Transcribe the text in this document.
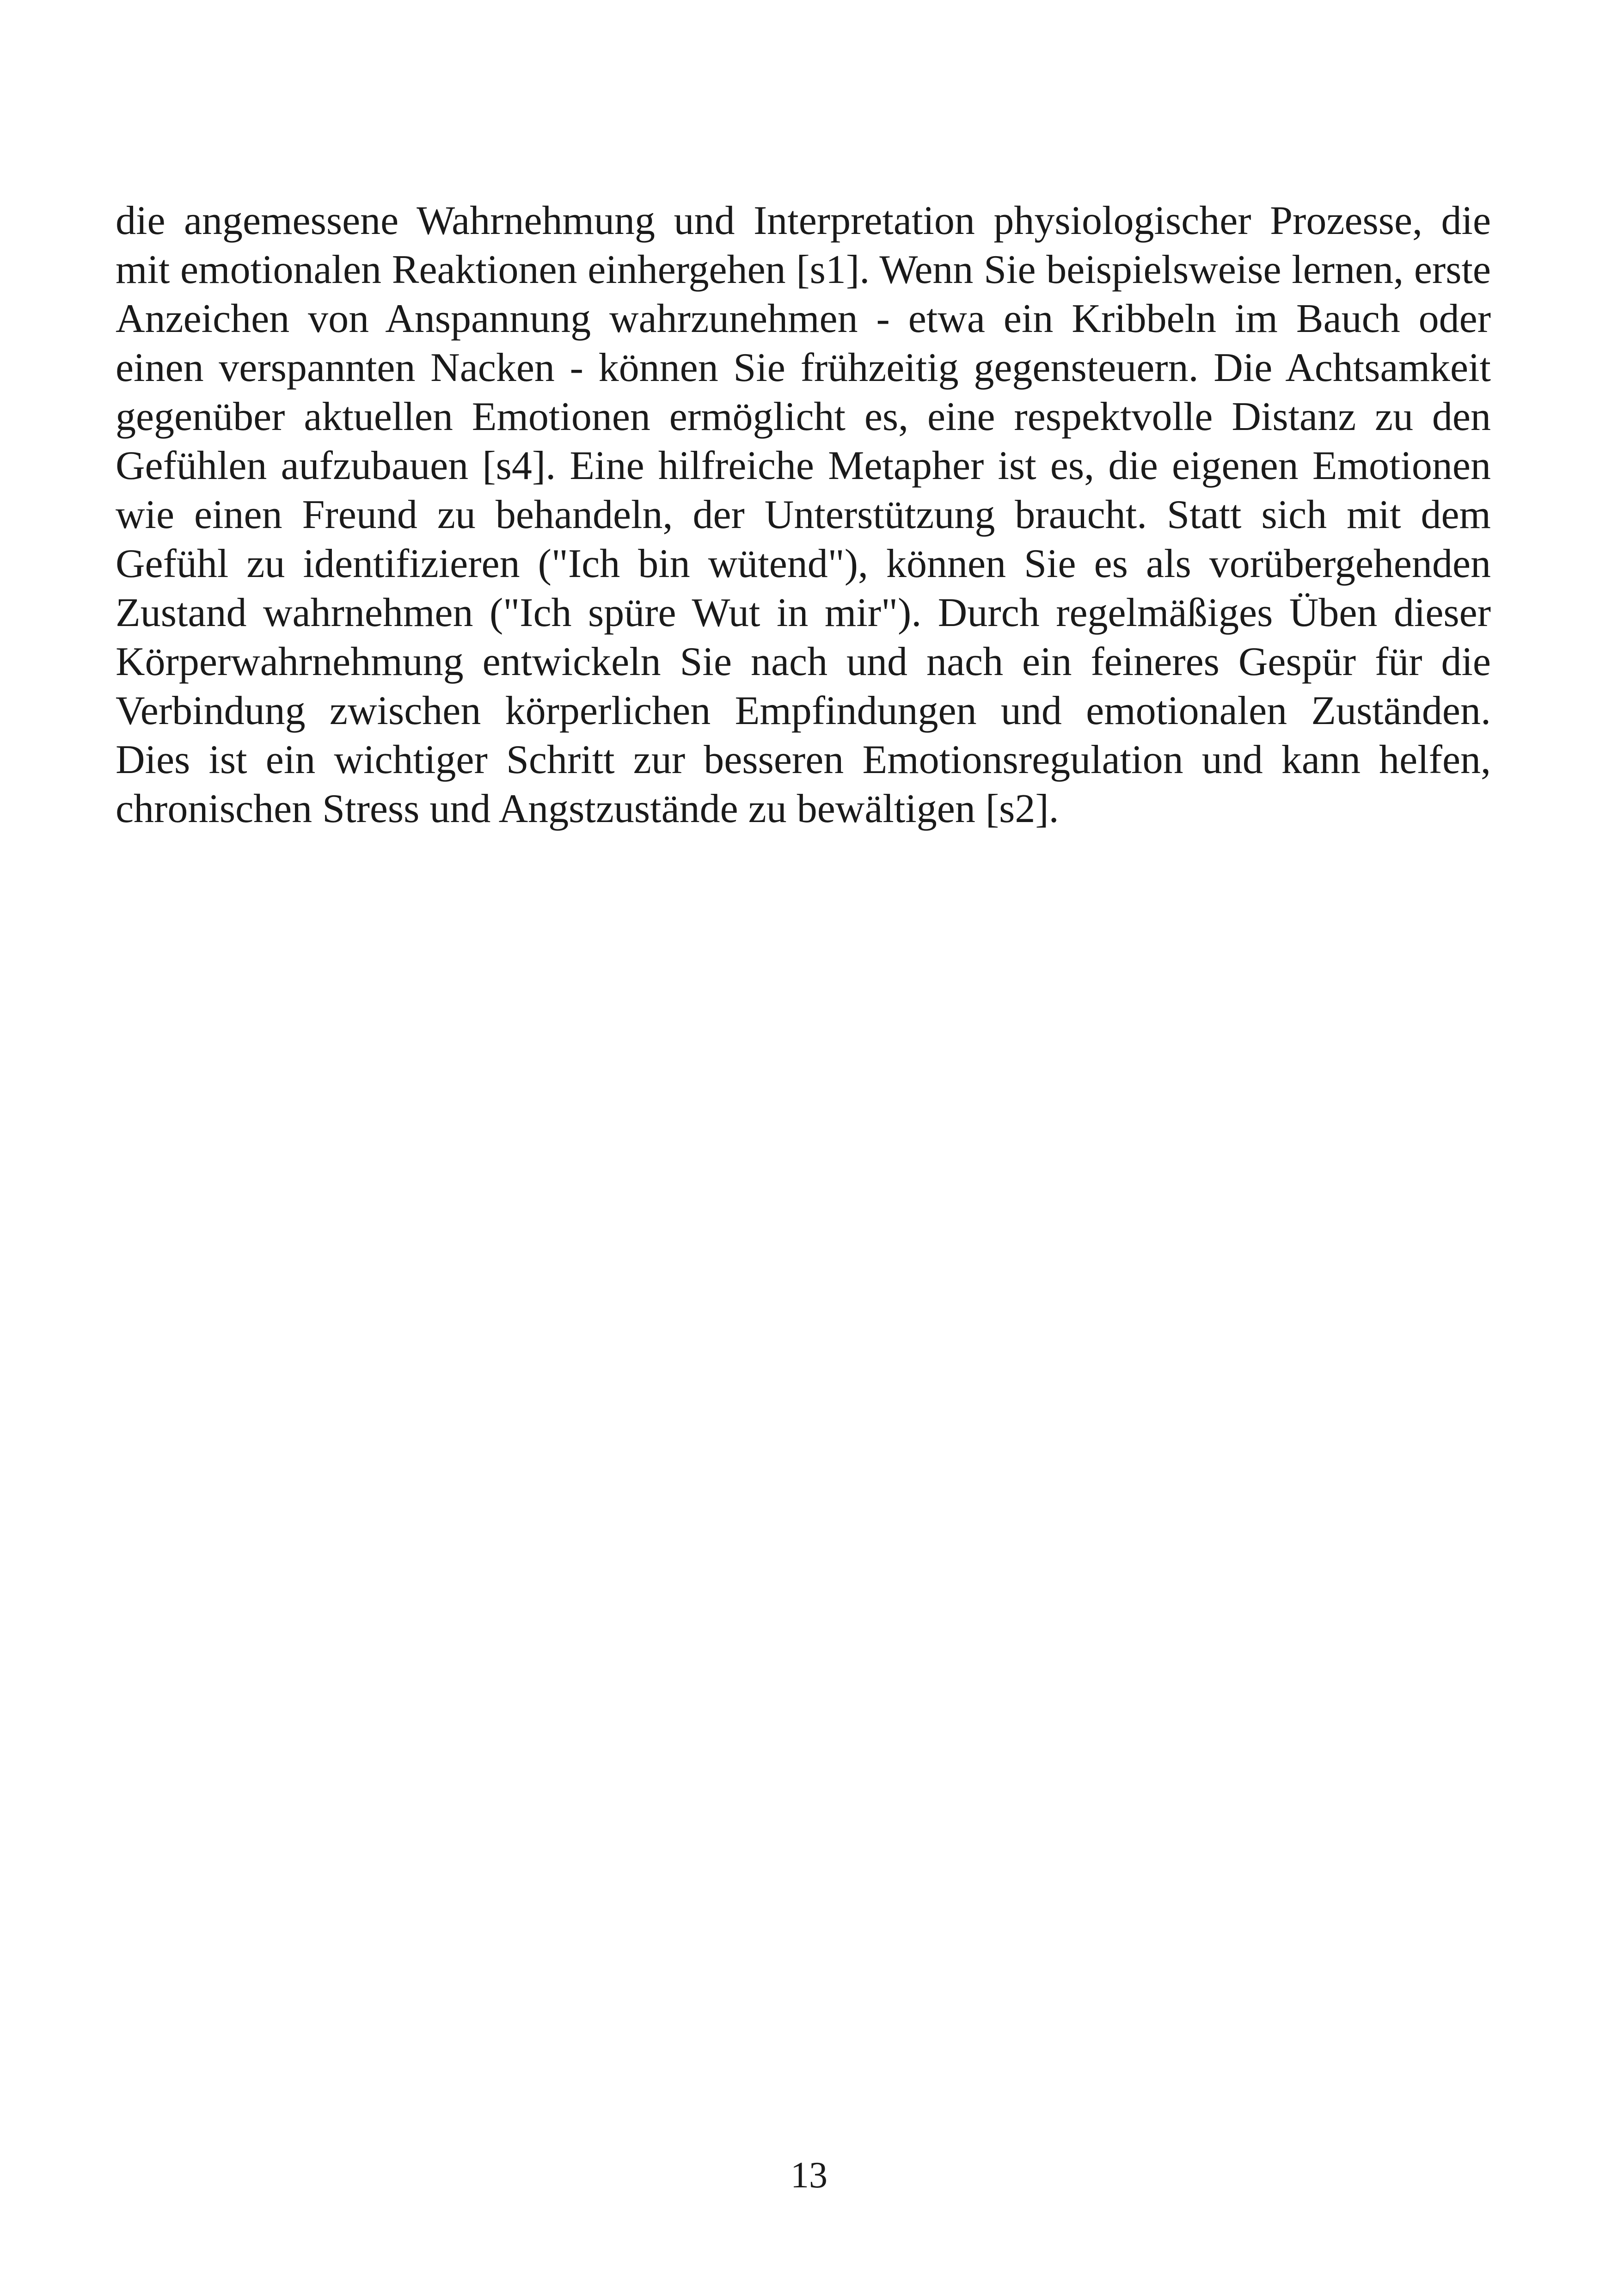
die angemessene Wahrnehmung und Interpretation physiologischer Prozesse, die mit emotionalen Reaktionen einhergehen [s1]. Wenn Sie beispielsweise lernen, erste Anzeichen von Anspannung wahrzunehmen - etwa ein Kribbeln im Bauch oder einen verspannten Nacken - können Sie frühzeitig gegensteuern. Die Achtsamkeit gegenüber aktuellen Emotionen ermöglicht es, eine respektvolle Distanz zu den Gefühlen aufzubauen [s4]. Eine hilfreiche Metapher ist es, die eigenen Emotionen wie einen Freund zu behandeln, der Unterstützung braucht. Statt sich mit dem Gefühl zu identifizieren ("Ich bin wütend"), können Sie es als vorübergehenden Zustand wahrnehmen ("Ich spüre Wut in mir"). Durch regelmäßiges Üben dieser Körperwahrnehmung entwickeln Sie nach und nach ein feineres Gespür für die Verbindung zwischen körperlichen Empfindungen und emotionalen Zuständen. Dies ist ein wichtiger Schritt zur besseren Emotionsregulation und kann helfen, chronischen Stress und Angstzustände zu bewältigen [s2].

13
